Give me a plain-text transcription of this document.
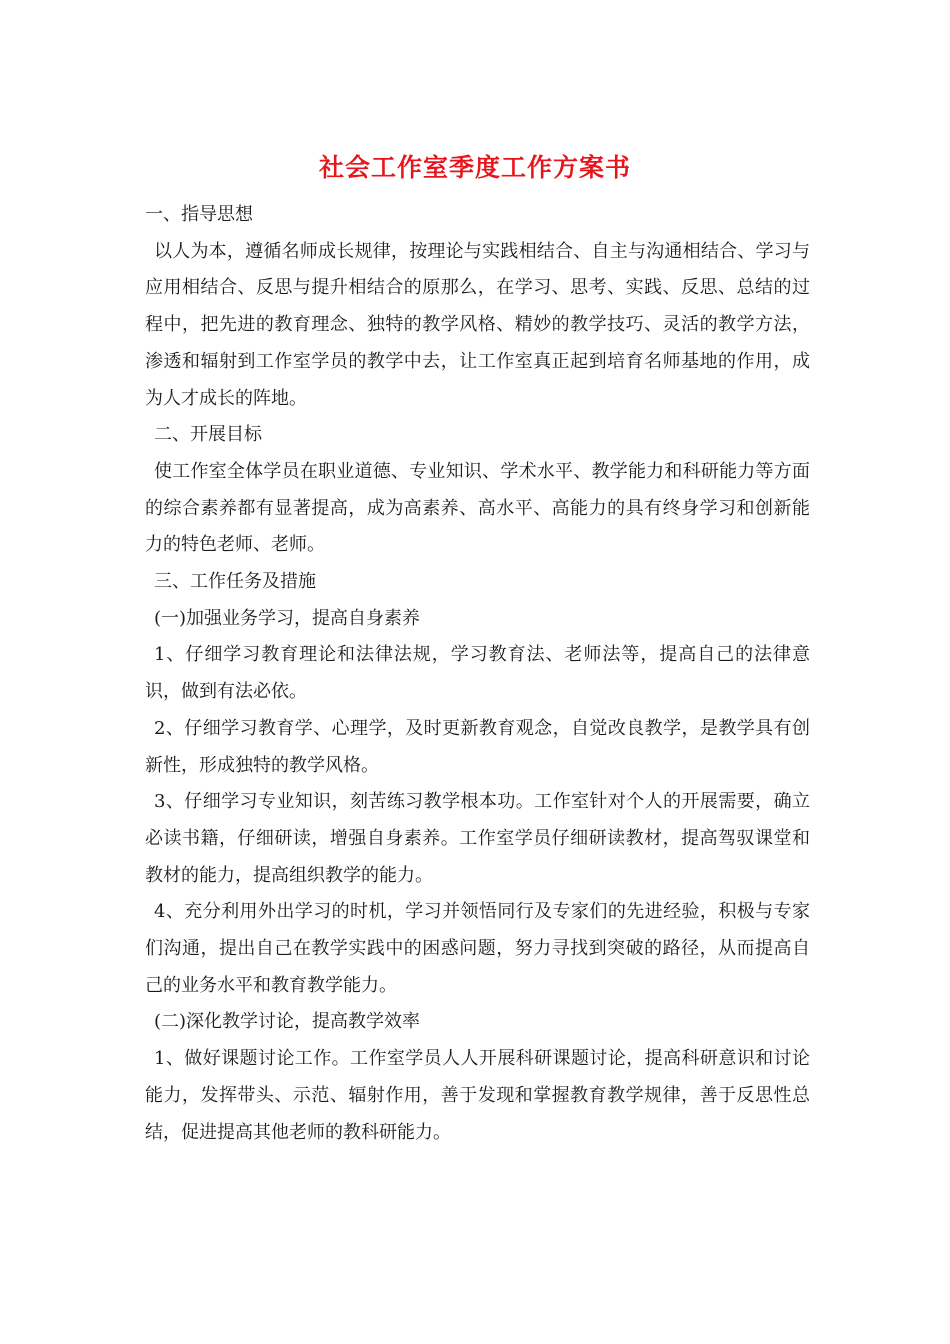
社会工作室季度工作方案书

一、指导思想

以人为本，遵循名师成长规律，按理论与实践相结合、自主与沟通相结合、学习与应用相结合、反思与提升相结合的原那么，在学习、思考、实践、反思、总结的过程中，把先进的教育理念、独特的教学风格、精妙的教学技巧、灵活的教学方法，渗透和辐射到工作室学员的教学中去，让工作室真正起到培育名师基地的作用，成为人才成长的阵地。

二、开展目标

使工作室全体学员在职业道德、专业知识、学术水平、教学能力和科研能力等方面的综合素养都有显著提高，成为高素养、高水平、高能力的具有终身学习和创新能力的特色老师、老师。

三、工作任务及措施

(一)加强业务学习，提高自身素养

1、仔细学习教育理论和法律法规，学习教育法、老师法等，提高自己的法律意识，做到有法必依。

2、仔细学习教育学、心理学，及时更新教育观念，自觉改良教学，是教学具有创新性，形成独特的教学风格。

3、仔细学习专业知识，刻苦练习教学根本功。工作室针对个人的开展需要，确立必读书籍，仔细研读，增强自身素养。工作室学员仔细研读教材，提高驾驭课堂和教材的能力，提高组织教学的能力。

4、充分利用外出学习的时机，学习并领悟同行及专家们的先进经验，积极与专家们沟通，提出自己在教学实践中的困惑问题，努力寻找到突破的路径，从而提高自己的业务水平和教育教学能力。

(二)深化教学讨论，提高教学效率

1、做好课题讨论工作。工作室学员人人开展科研课题讨论，提高科研意识和讨论能力，发挥带头、示范、辐射作用，善于发现和掌握教育教学规律，善于反思性总结，促进提高其他老师的教科研能力。
